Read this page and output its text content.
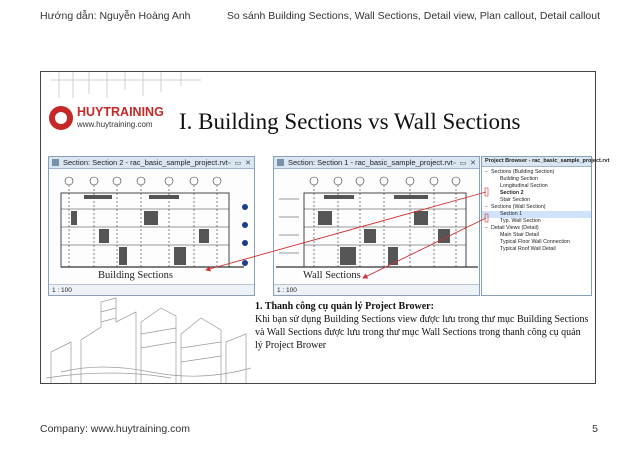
Hướng dẫn: Nguyễn Hoàng Anh	So sánh Building Sections, Wall Sections, Detail view, Plan callout, Detail callout
HUYTRAINING
www.huytraining.com I. Building Sections vs Wall Sections
Section: Section 2 - rac_basic_sample_project.rvt ▫ ▭ ✕
1 : 100
Section: Section 1 - rac_basic_sample_project.rvt ▫ ▭ ✕
1 : 100
Building Sections	Wall Sections
Project Browser - rac_basic_sample_project.rvt
− Sections (Building Section)
Building Section
Longitudinal Section
Section 2
Stair Section
− Sections (Wall Section)
Section 1
Typ. Wall Section
− Detail Views (Detail)
Main Stair Detail
Typical Floor Wall Connection
Typical Roof Wall Detail
1. Thanh công cụ quản lý Project Brower:

Khi bạn sử dụng Building Sections view được lưu trong thư mục Building Sections và Wall Sections được lưu trong thư mục Wall Sections trong thanh công cụ quản lý Project Brower

Company: www.huytraining.com	5
